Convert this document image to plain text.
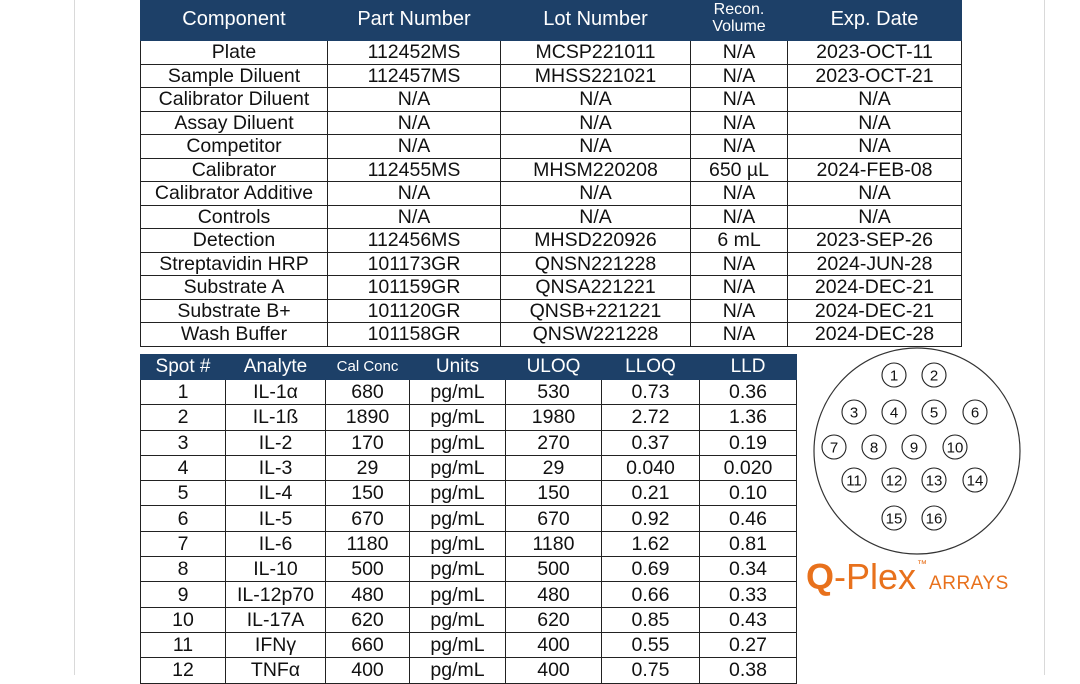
Component	Part Number	Lot Number	Recon. Volume	Exp. Date

Plate	112452MS	MCSP221011	N/A	2023-OCT-11
Sample Diluent	112457MS	MHSS221021	N/A	2023-OCT-21
Calibrator Diluent	N/A	N/A	N/A	N/A
Assay Diluent	N/A	N/A	N/A	N/A
Competitor	N/A	N/A	N/A	N/A
Calibrator	112455MS	MHSM220208	650 µL	2024-FEB-08
Calibrator Additive	N/A	N/A	N/A	N/A
Controls	N/A	N/A	N/A	N/A
Detection	112456MS	MHSD220926	6 mL	2023-SEP-26
Streptavidin HRP	101173GR	QNSN221228	N/A	2024-JUN-28
Substrate A	101159GR	QNSA221221	N/A	2024-DEC-21
Substrate B+	101120GR	QNSB+221221	N/A	2024-DEC-21
Wash Buffer	101158GR	QNSW221228	N/A	2024-DEC-28
Spot #	Analyte	Cal Conc	Units	ULOQ	LLOQ	LLD
1	IL-1α	680	pg/mL	530	0.73	0.36
2	IL-1ß	1890	pg/mL	1980	2.72	1.36
3	IL-2	170	pg/mL	270	0.37	0.19
4	IL-3	29	pg/mL	29	0.040	0.020
5	IL-4	150	pg/mL	150	0.21	0.10
6	IL-5	670	pg/mL	670	0.92	0.46
7	IL-6	1180	pg/mL	1180	1.62	0.81
8	IL-10	500	pg/mL	500	0.69	0.34
9	IL-12p70	480	pg/mL	480	0.66	0.33
10	IL-17A	620	pg/mL	620	0.85	0.43
11	IFNγ	660	pg/mL	400	0.55	0.27
12	TNFα	400	pg/mL	400	0.75	0.38
1 2
3 4 5 6
7 8 9 10
11 12 13 14
15 16
Q-Plex™ARRAYS
